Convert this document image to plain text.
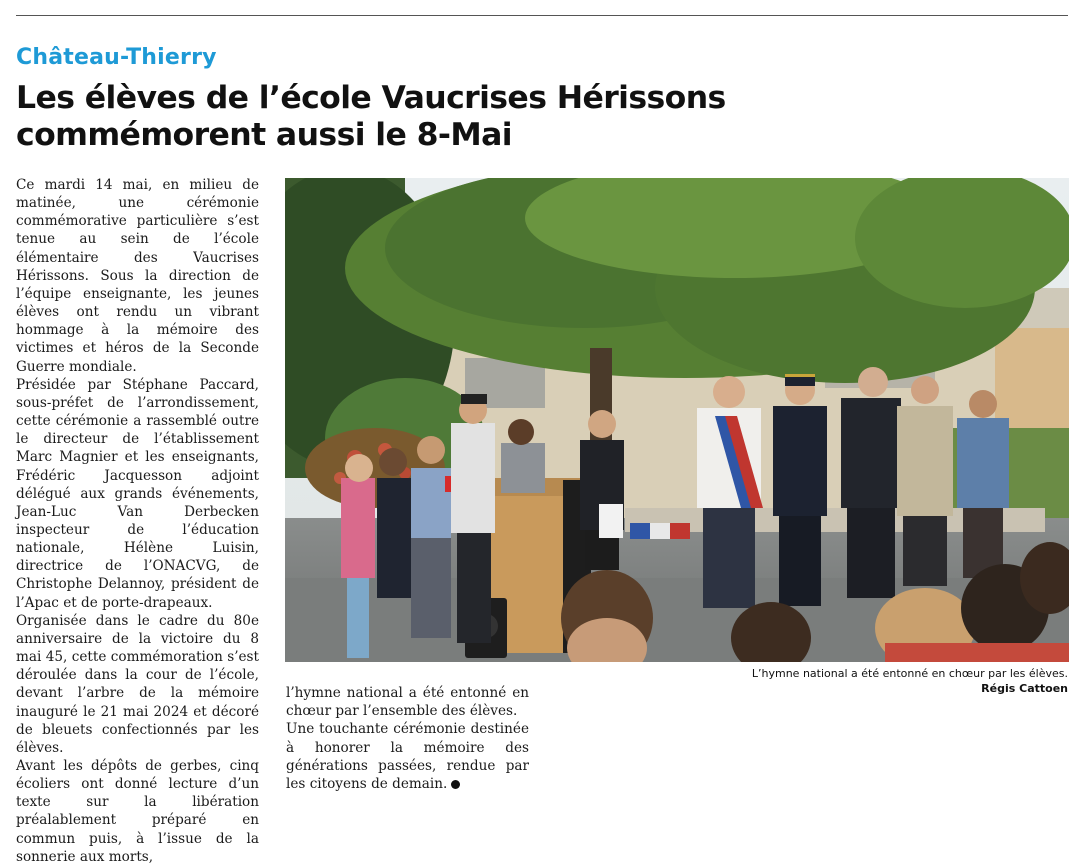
Château-Thierry
Les élèves de l’école Vaucrises Hérissons
commémorent aussi le 8-Mai

Ce mardi 14 mai, en milieu de matinée, une cérémonie commémorative particulière s’est tenue au sein de l’école élémentaire des Vaucrises Hérissons. Sous la direction de l’équipe enseignante, les jeunes élèves ont rendu un vibrant hommage à la mémoire des victimes et héros de la Seconde Guerre mondiale.

Présidée par Stéphane Paccard, sous-préfet de l’arrondissement, cette cérémonie a rassemblé outre le directeur de l’établissement Marc Magnier et les enseignants, Frédéric Jacquesson adjoint délégué aux grands événements, Jean-Luc Van Derbecken inspecteur de l’éducation nationale, Hélène Luisin, directrice de l’ONACVG, de Christophe Delannoy, président de l’Apac et de porte-drapeaux.

Organisée dans le cadre du 80e anniversaire de la victoire du 8 mai 45, cette commémoration s’est déroulée dans la cour de l’école, devant l’arbre de la mémoire inauguré le 21 mai 2024 et décoré de bleuets confectionnés par les élèves.

Avant les dépôts de gerbes, cinq écoliers ont donné lecture d’un texte sur la libération préalablement préparé en commun puis, à l’issue de la sonnerie aux morts,

L’hymne national a été entonné en chœur par les élèves.
Régis Cattoen

l’hymne national a été entonné en chœur par l’ensemble des élèves.

Une touchante cérémonie destinée à honorer la mémoire des générations passées, rendue par les citoyens de demain.
